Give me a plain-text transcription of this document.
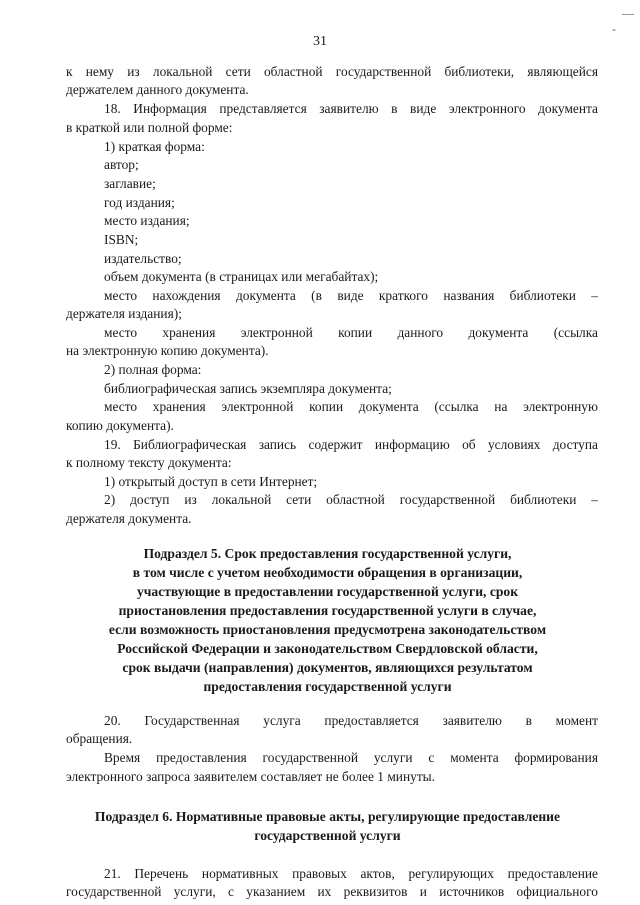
31
к нему из локальной сети областной государственной библиотеки, являющейся
держателем данного документа.
18. Информация представляется заявителю в виде электронного документа
в краткой или полной форме:
1) краткая форма:
автор;
заглавие;
год издания;
место издания;
ISBN;
издательство;
объем документа (в страницах или мегабайтах);
место нахождения документа (в виде краткого названия библиотеки –
держателя издания);
место хранения электронной копии данного документа (ссылка
на электронную копию документа).
2) полная форма:
библиографическая запись экземпляра документа;
место хранения электронной копии документа (ссылка на электронную
копию документа).
19. Библиографическая запись содержит информацию об условиях доступа
к полному тексту документа:
1) открытый доступ в сети Интернет;
2) доступ из локальной сети областной государственной библиотеки –
держателя документа.
Подраздел 5. Срок предоставления государственной услуги,
в том числе с учетом необходимости обращения в организации,
участвующие в предоставлении государственной услуги, срок
приостановления предоставления государственной услуги в случае,
если возможность приостановления предусмотрена законодательством
Российской Федерации и законодательством Свердловской области,
срок выдачи (направления) документов, являющихся результатом
предоставления государственной услуги
20. Государственная услуга предоставляется заявителю в момент
обращения.
Время предоставления государственной услуги с момента формирования
электронного запроса заявителем составляет не более 1 минуты.
Подраздел 6. Нормативные правовые акты, регулирующие предоставление
государственной услуги
21. Перечень нормативных правовых актов, регулирующих предоставление
государственной услуги, с указанием их реквизитов и источников официального
—
‐
